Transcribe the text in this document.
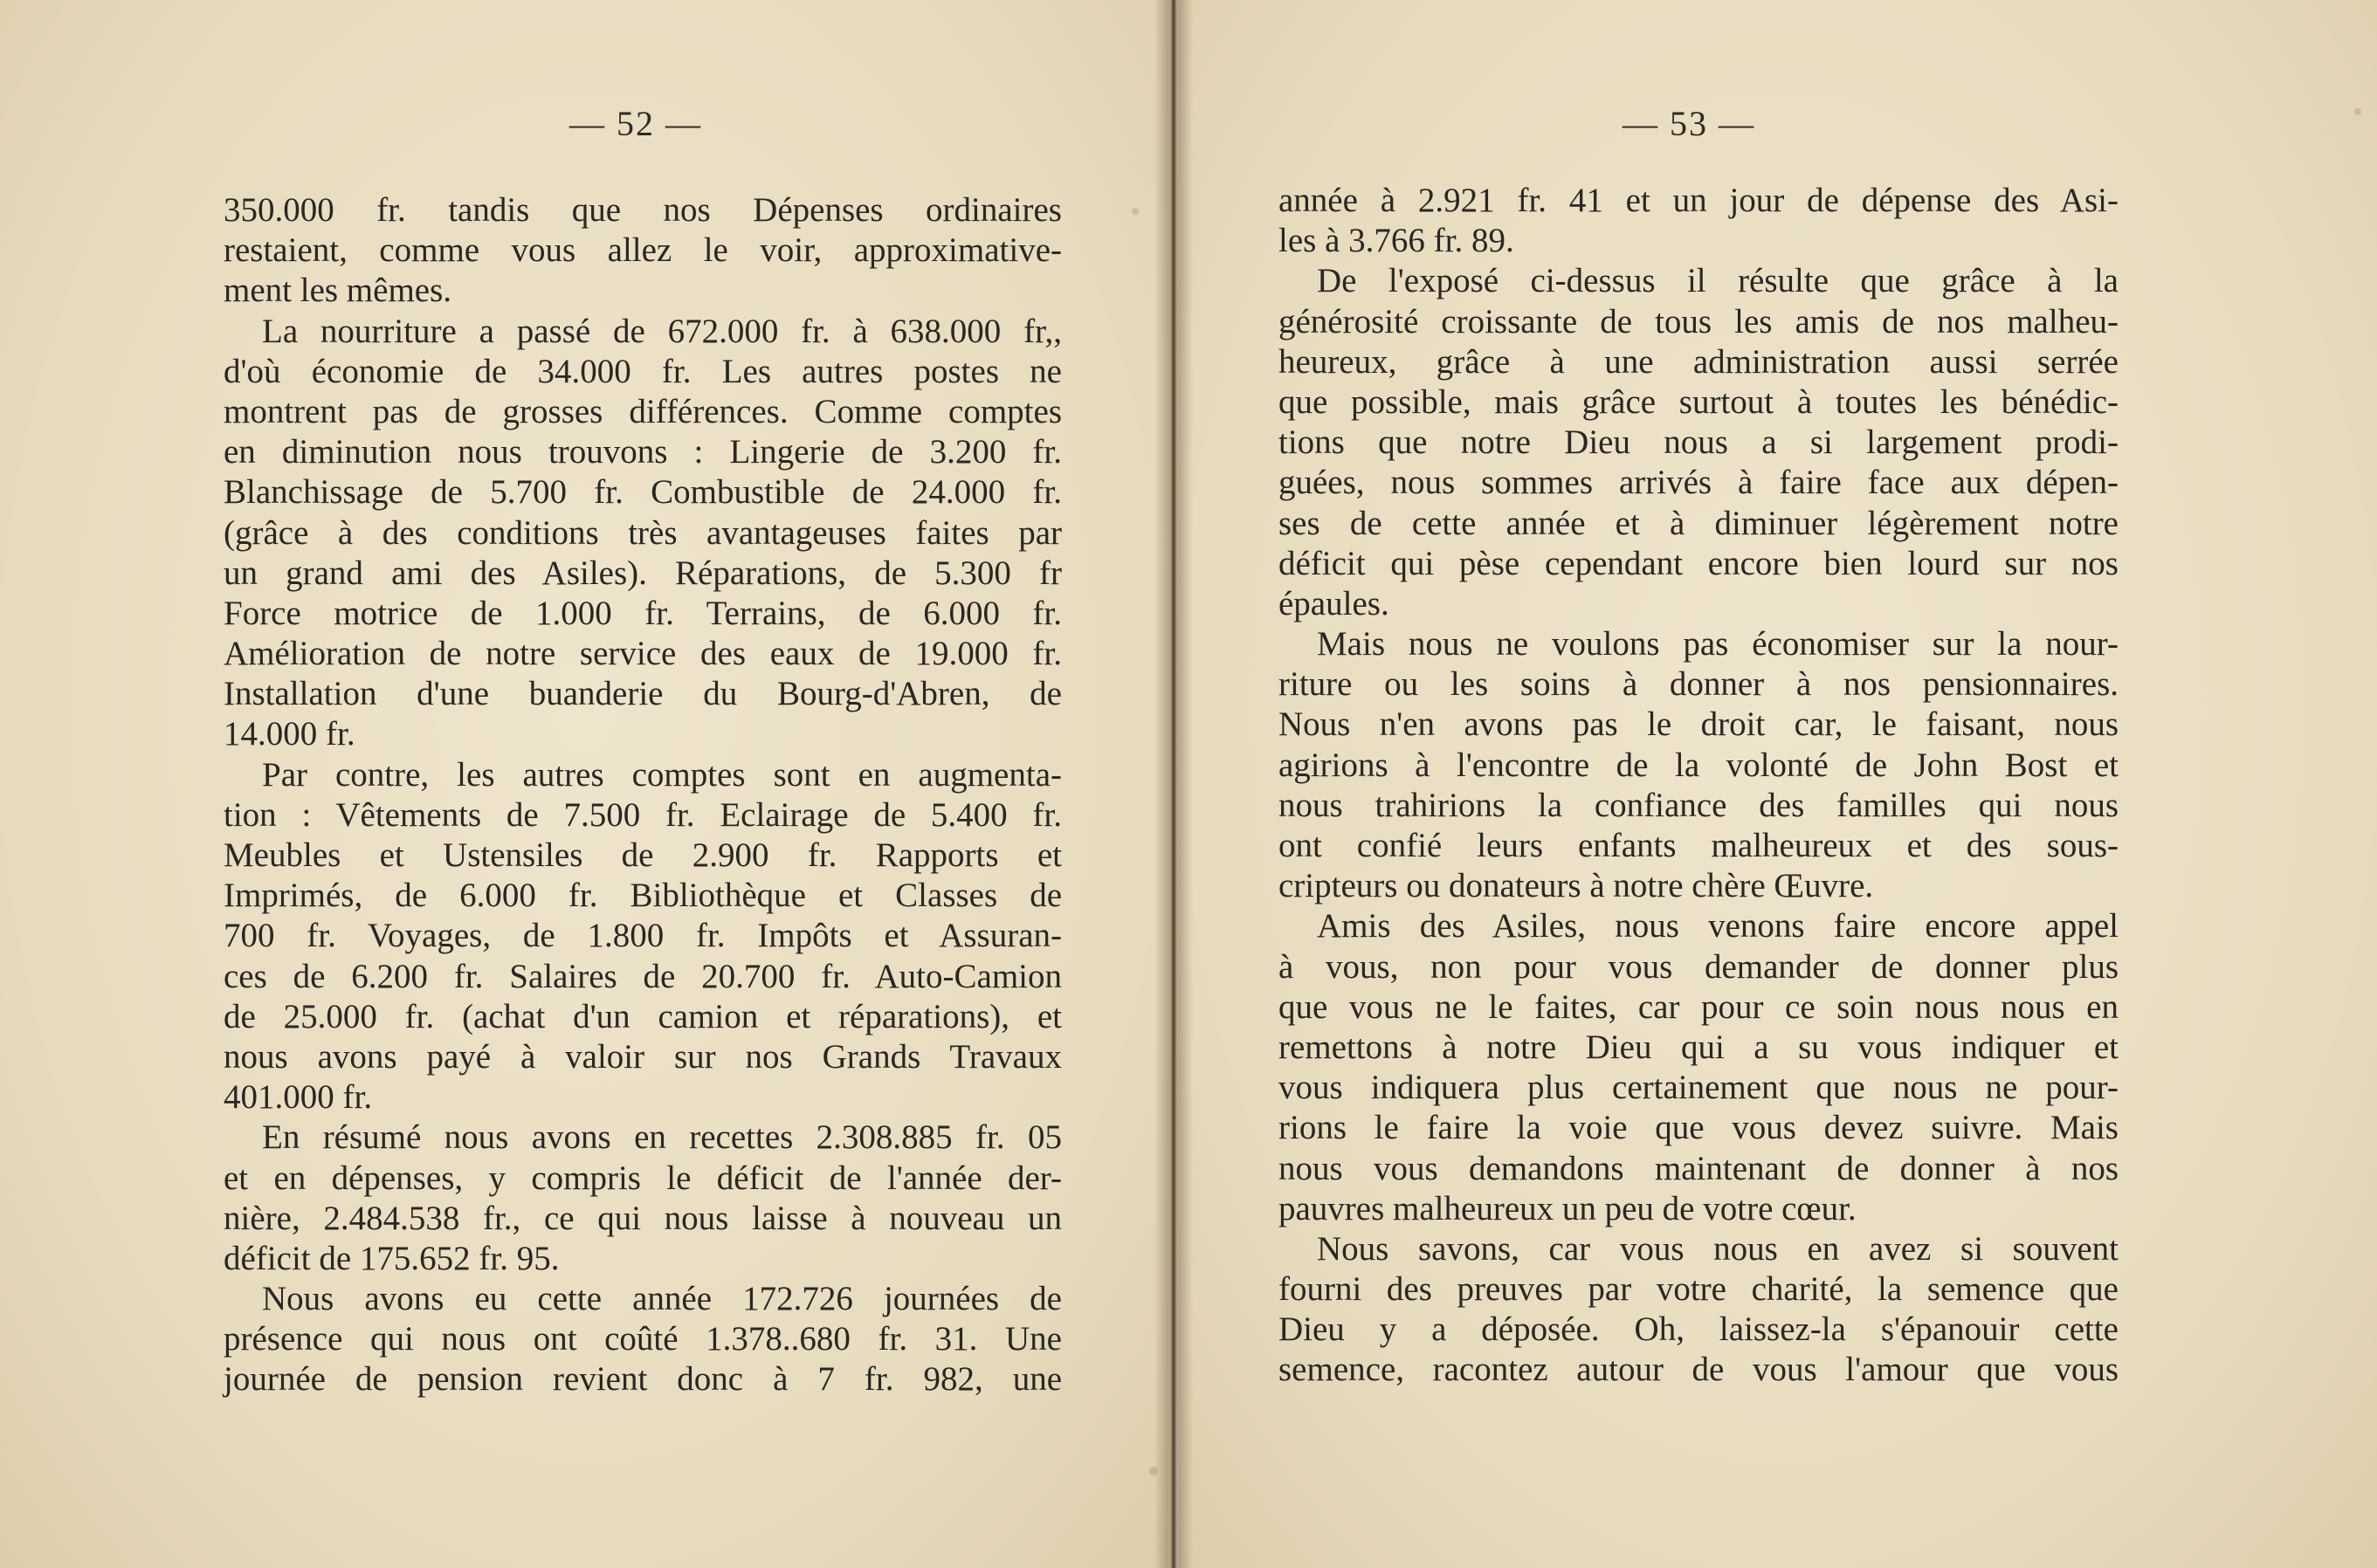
— 52 —	— 53 —
350.000 fr. tandis que nos Dépenses ordinaires
restaient, comme vous allez le voir, approximative-
ment les mêmes.
La nourriture a passé de 672.000 fr. à 638.000 fr,,
d'où économie de 34.000 fr. Les autres postes ne
montrent pas de grosses différences. Comme comptes
en diminution nous trouvons : Lingerie de 3.200 fr.
Blanchissage de 5.700 fr. Combustible de 24.000 fr.
(grâce à des conditions très avantageuses faites par
un grand ami des Asiles). Réparations, de 5.300 fr
Force motrice de 1.000 fr. Terrains, de 6.000 fr.
Amélioration de notre service des eaux de 19.000 fr.
Installation d'une buanderie du Bourg-d'Abren, de
14.000 fr.
Par contre, les autres comptes sont en augmenta-
tion : Vêtements de 7.500 fr. Eclairage de 5.400 fr.
Meubles et Ustensiles de 2.900 fr. Rapports et
Imprimés, de 6.000 fr. Bibliothèque et Classes de
700 fr. Voyages, de 1.800 fr. Impôts et Assuran-
ces de 6.200 fr. Salaires de 20.700 fr. Auto-Camion
de 25.000 fr. (achat d'un camion et réparations), et
nous avons payé à valoir sur nos Grands Travaux
401.000 fr.
En résumé nous avons en recettes 2.308.885 fr. 05
et en dépenses, y compris le déficit de l'année der-
nière, 2.484.538 fr., ce qui nous laisse à nouveau un
déficit de 175.652 fr. 95.
Nous avons eu cette année 172.726 journées de
présence qui nous ont coûté 1.378..680 fr. 31. Une
journée de pension revient donc à 7 fr. 982, une
année à 2.921 fr. 41 et un jour de dépense des Asi-
les à 3.766 fr. 89.
De l'exposé ci-dessus il résulte que grâce à la
générosité croissante de tous les amis de nos malheu-
heureux, grâce à une administration aussi serrée
que possible, mais grâce surtout à toutes les bénédic-
tions que notre Dieu nous a si largement prodi-
guées, nous sommes arrivés à faire face aux dépen-
ses de cette année et à diminuer légèrement notre
déficit qui pèse cependant encore bien lourd sur nos
épaules.
Mais nous ne voulons pas économiser sur la nour-
riture ou les soins à donner à nos pensionnaires.
Nous n'en avons pas le droit car, le faisant, nous
agirions à l'encontre de la volonté de John Bost et
nous trahirions la confiance des familles qui nous
ont confié leurs enfants malheureux et des sous-
cripteurs ou donateurs à notre chère Œuvre.
Amis des Asiles, nous venons faire encore appel
à vous, non pour vous demander de donner plus
que vous ne le faites, car pour ce soin nous nous en
remettons à notre Dieu qui a su vous indiquer et
vous indiquera plus certainement que nous ne pour-
rions le faire la voie que vous devez suivre. Mais
nous vous demandons maintenant de donner à nos
pauvres malheureux un peu de votre cœur.
Nous savons, car vous nous en avez si souvent
fourni des preuves par votre charité, la semence que
Dieu y a déposée. Oh, laissez-la s'épanouir cette
semence, racontez autour de vous l'amour que vous
